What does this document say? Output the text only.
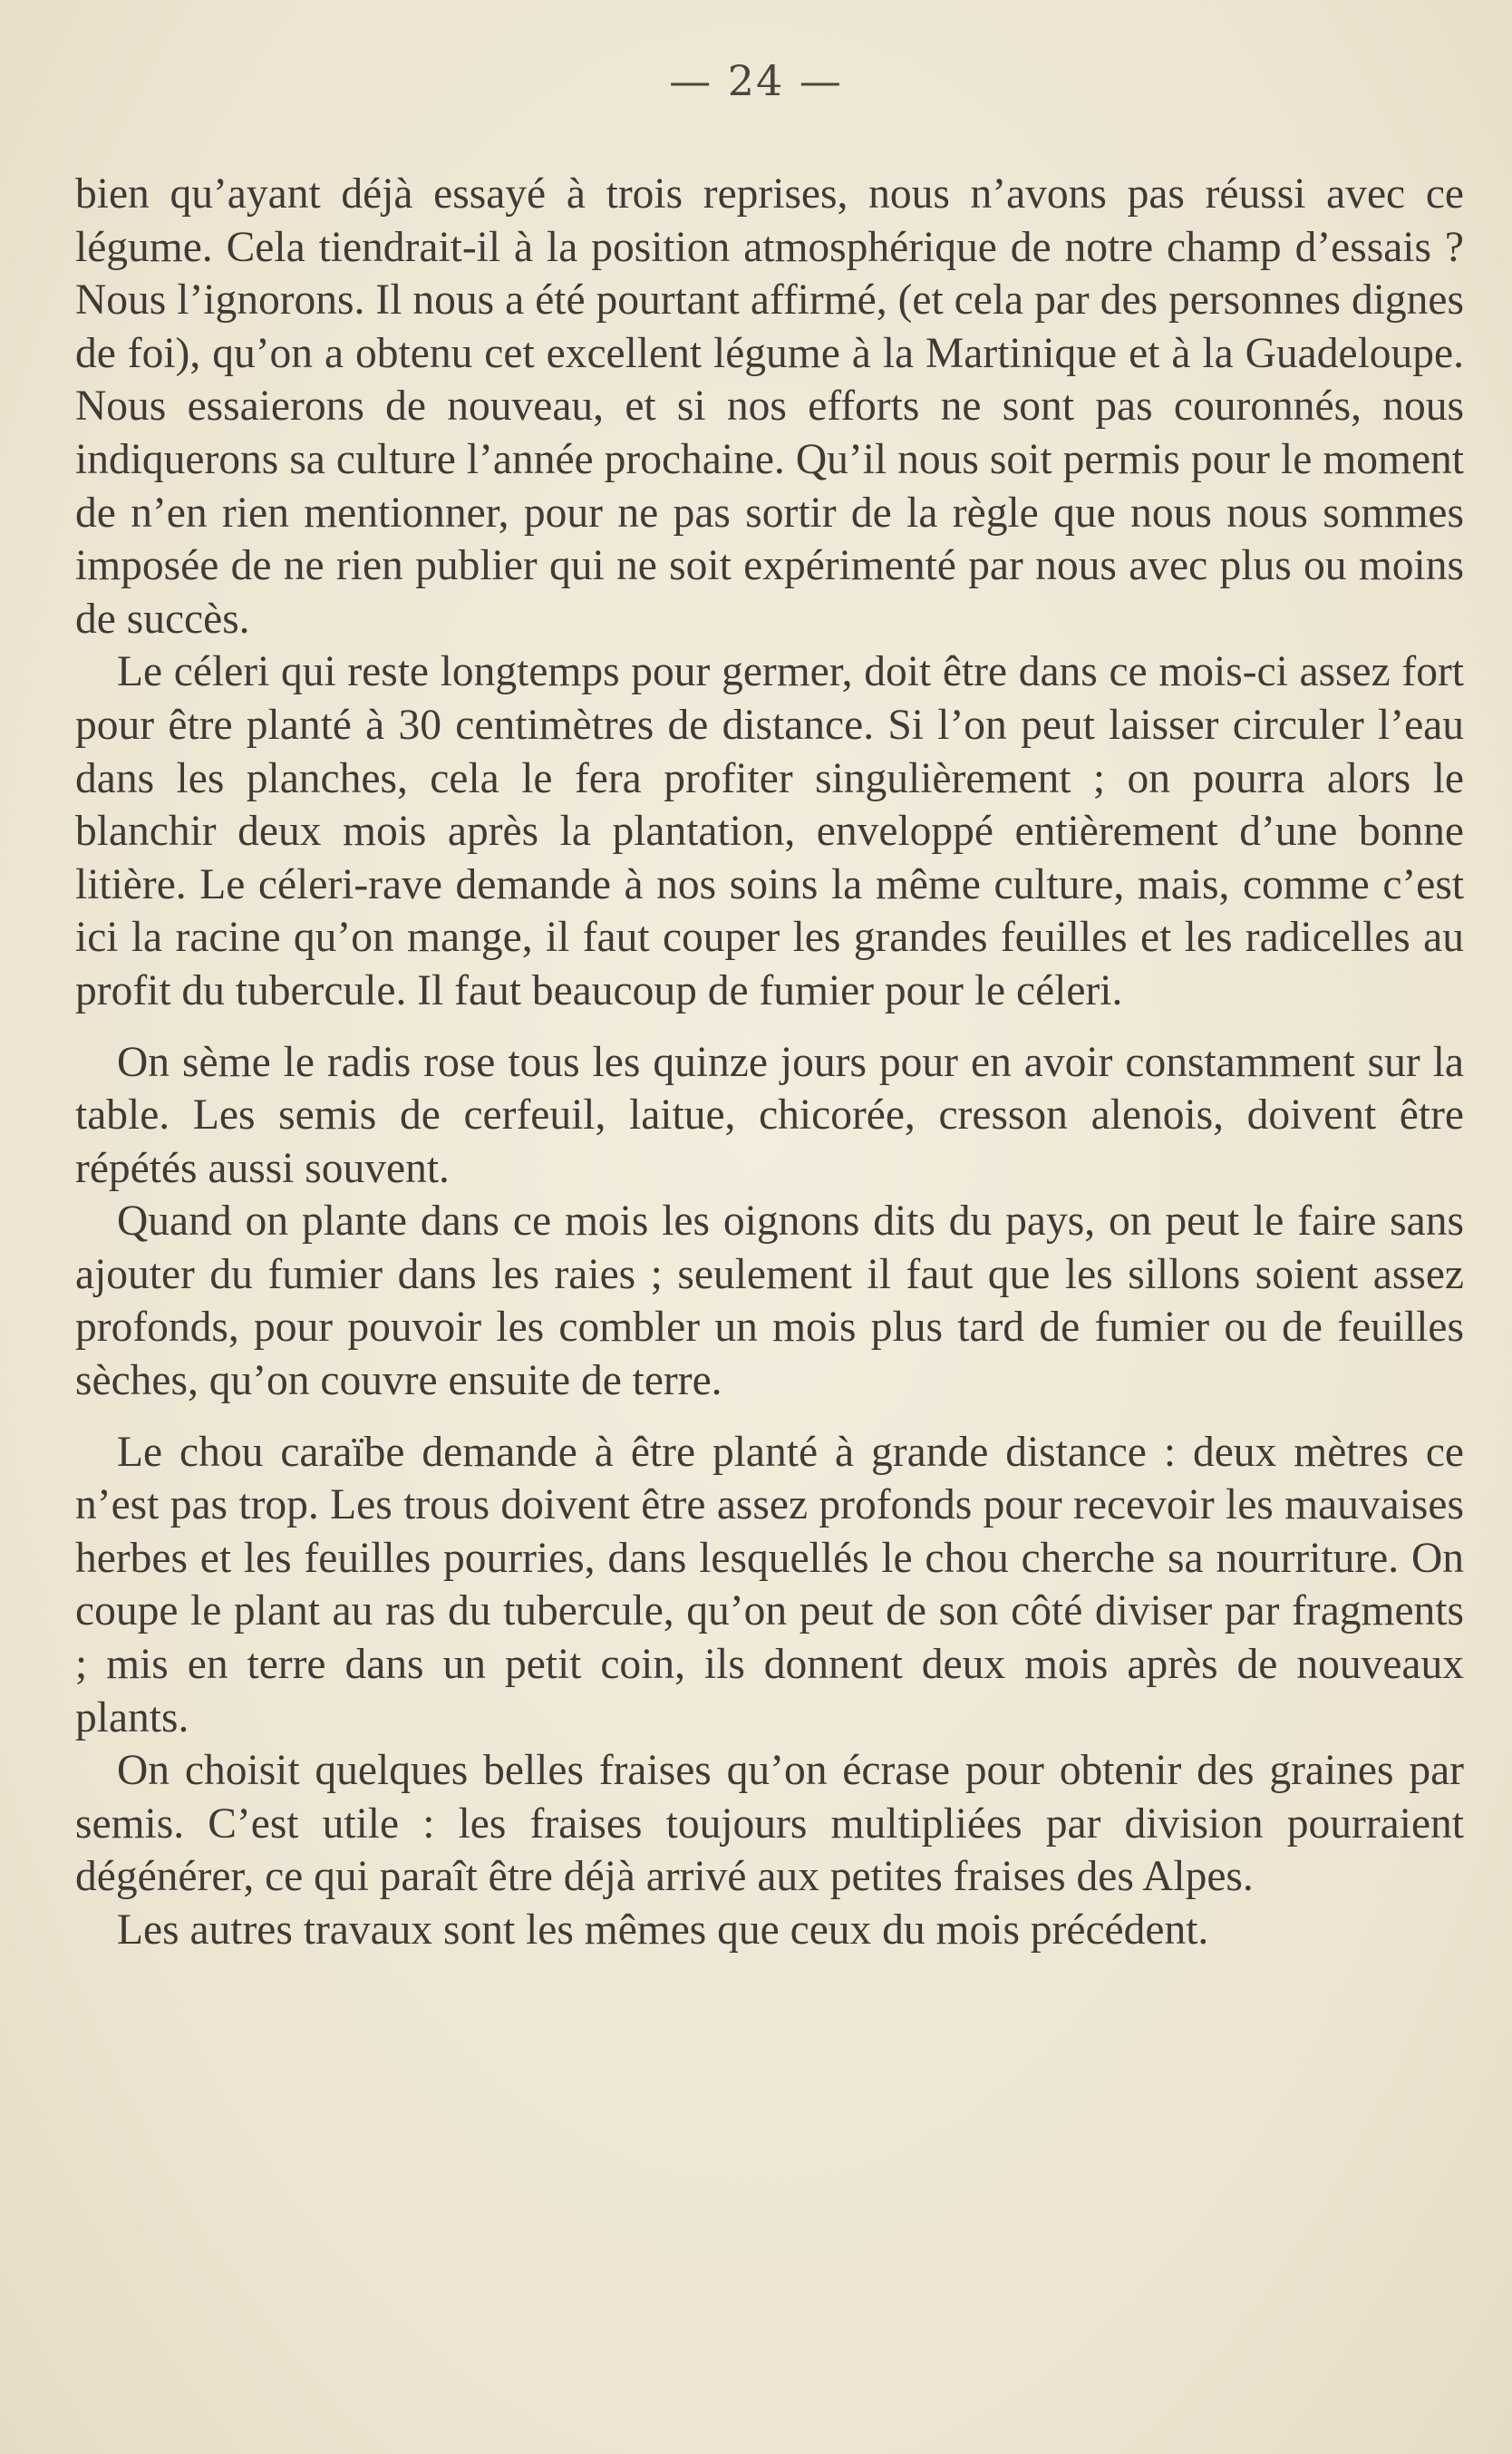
— 24 —

bien qu’ayant déjà essayé à trois reprises, nous n’avons pas réussi avec ce légume. Cela tiendrait-il à la position atmosphérique de notre champ d’essais ? Nous l’ignorons. Il nous a été pourtant affirmé, (et cela par des personnes dignes de foi), qu’on a obtenu cet excellent légume à la Martinique et à la Guadeloupe. Nous essaierons de nouveau, et si nos efforts ne sont pas couronnés, nous indiquerons sa culture l’année prochaine. Qu’il nous soit permis pour le moment de n’en rien mentionner, pour ne pas sortir de la règle que nous nous sommes imposée de ne rien publier qui ne soit expérimenté par nous avec plus ou moins de succès.

Le céleri qui reste longtemps pour germer, doit être dans ce mois-ci assez fort pour être planté à 30 centimètres de distance. Si l’on peut laisser circuler l’eau dans les planches, cela le fera profiter singulièrement ; on pourra alors le blanchir deux mois après la plantation, enveloppé entièrement d’une bonne litière. Le céleri-rave demande à nos soins la même culture, mais, comme c’est ici la racine qu’on mange, il faut couper les grandes feuilles et les radicelles au profit du tubercule. Il faut beaucoup de fumier pour le céleri.

On sème le radis rose tous les quinze jours pour en avoir constamment sur la table. Les semis de cerfeuil, laitue, chicorée, cresson alenois, doivent être répétés aussi souvent.

Quand on plante dans ce mois les oignons dits du pays, on peut le faire sans ajouter du fumier dans les raies ; seulement il faut que les sillons soient assez profonds, pour pouvoir les combler un mois plus tard de fumier ou de feuilles sèches, qu’on couvre ensuite de terre.

Le chou caraïbe demande à être planté à grande distance : deux mètres ce n’est pas trop. Les trous doivent être assez profonds pour recevoir les mauvaises herbes et les feuilles pourries, dans lesquellés le chou cherche sa nourriture. On coupe le plant au ras du tubercule, qu’on peut de son côté diviser par fragments ; mis en terre dans un petit coin, ils donnent deux mois après de nouveaux plants.

On choisit quelques belles fraises qu’on écrase pour obtenir des graines par semis. C’est utile : les fraises toujours multipliées par division pourraient dégénérer, ce qui paraît être déjà arrivé aux petites fraises des Alpes.

Les autres travaux sont les mêmes que ceux du mois précédent.
